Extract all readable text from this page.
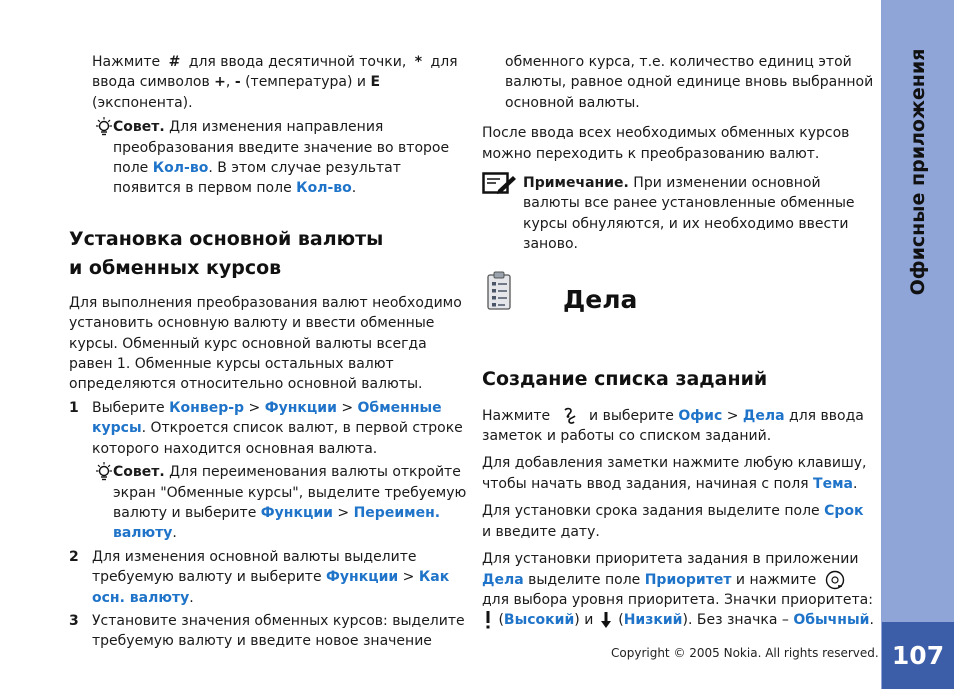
Офисные приложения
107
Copyright © 2005 Nokia. All rights reserved.

Нажмите # для ввода десятичной точки, * для ввода символов +, - (температура) и E (экспонента).

Совет. Для изменения направления преобразования введите значение во второе поле Кол-во. В этом случае результат появится в первом поле Кол-во.
Установка основной валюты
и обменных курсов

Для выполнения преобразования валют необходимо установить основную валюту и ввести обменные курсы. Обменный курс основной валюты всегда равен 1. Обменные курсы остальных валют определяются относительно основной валюты.

1 Выберите Конвер-р > Функции > Обменные курсы. Откроется список валют, в первой строке которого находится основная валюта.
Совет. Для переименования валюты откройте экран "Обменные курсы", выделите требуемую валюту и выберите Функции > Переимен. валюту.
2 Для изменения основной валюты выделите требуемую валюту и выберите Функции > Как осн. валюту.
3 Установите значения обменных курсов: выделите требуемую валюту и введите новое значение

обменного курса, т.е. количество единиц этой валюты, равное одной единице вновь выбранной основной валюты.

После ввода всех необходимых обменных курсов можно переходить к преобразованию валют.

Примечание. При изменении основной валюты все ранее установленные обменные курсы обнуляются, и их необходимо ввести заново.
Дела
Создание списка заданий

Нажмите  и выберите Офис > Дела для ввода заметок и работы со списком заданий.

Для добавления заметки нажмите любую клавишу, чтобы начать ввод задания, начиная с поля Тема.

Для установки срока задания выделите поле Срок и введите дату.

Для установки приоритета задания в приложении Дела выделите поле Приоритет и нажмите  для выбора уровня приоритета. Значки приоритета:  (Высокий) и  (Низкий). Без значка – Обычный.
